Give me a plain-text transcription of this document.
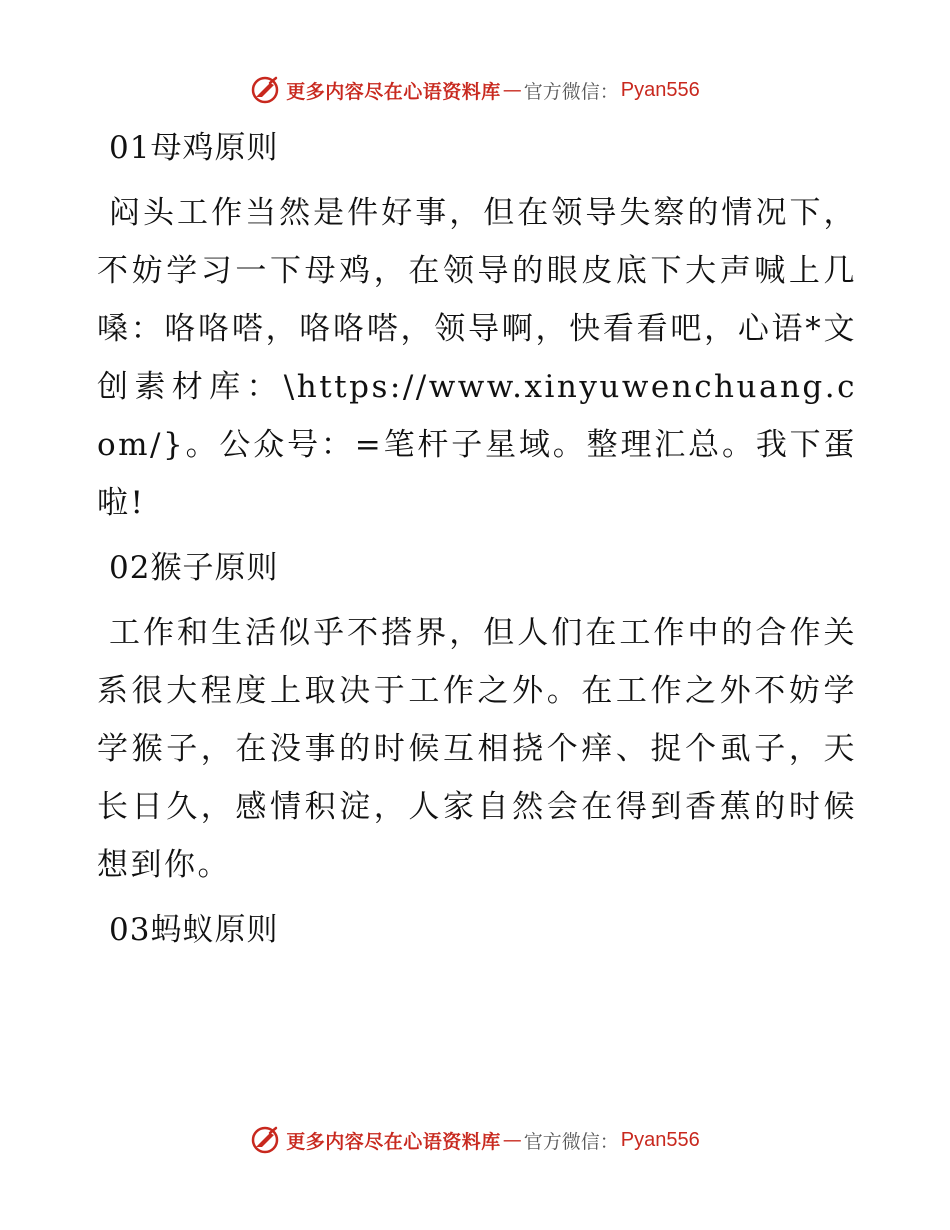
更多内容尽在心语资料库 — 官方微信： Pyan556
01母鸡原则

闷头工作当然是件好事，但在领导失察的情况下，不妨学习一下母鸡，在领导的眼皮底下大声喊上几嗓：咯咯嗒，咯咯嗒，领导啊，快看看吧，心语*文创素材库：\https://www.xinyuwenchuang.com/}。公众号：=笔杆子星域。整理汇总。我下蛋啦!

02猴子原则

工作和生活似乎不搭界，但人们在工作中的合作关系很大程度上取决于工作之外。在工作之外不妨学学猴子，在没事的时候互相挠个痒、捉个虱子，天长日久，感情积淀，人家自然会在得到香蕉的时候想到你。

03蚂蚁原则
更多内容尽在心语资料库 — 官方微信： Pyan556
